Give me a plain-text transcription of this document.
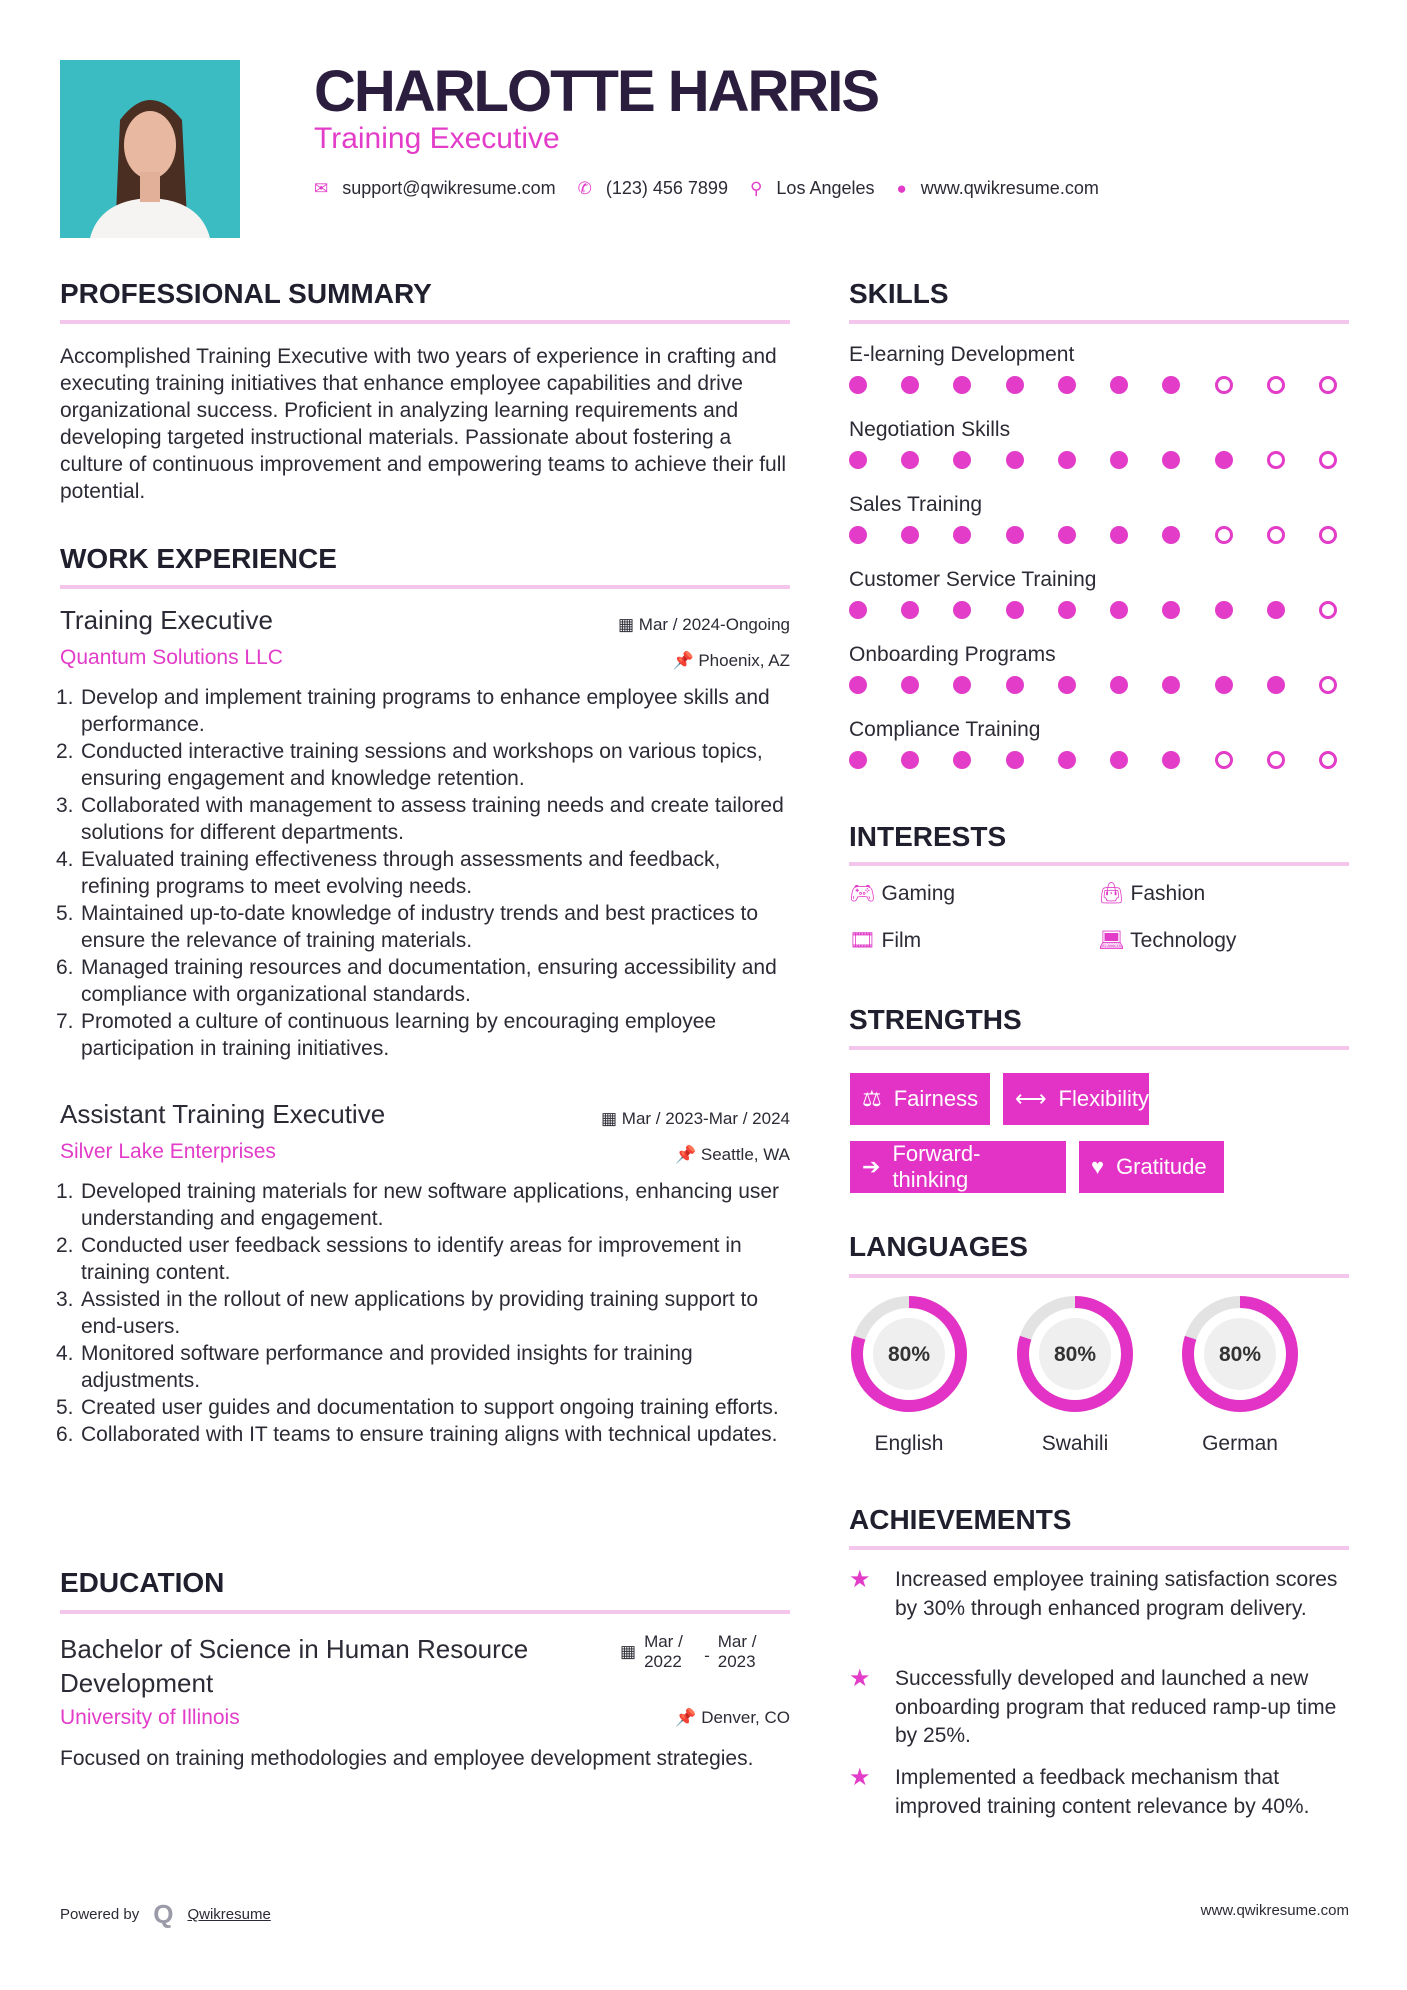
CHARLOTTE HARRIS
Training Executive
✉ support@qwikresume.com ✆ (123) 456 7899 ⚲ Los Angeles ● www.qwikresume.com
PROFESSIONAL SUMMARY
Accomplished Training Executive with two years of experience in crafting and executing training initiatives that enhance employee capabilities and drive organizational success. Proficient in analyzing learning requirements and developing targeted instructional materials. Passionate about fostering a culture of continuous improvement and empowering teams to achieve their full potential.
WORK EXPERIENCE
Training Executive	▦ Mar / 2024-Ongoing
Quantum Solutions LLC	📌 Phoenix, AZ
1. Develop and implement training programs to enhance employee skills and performance.
2. Conducted interactive training sessions and workshops on various topics, ensuring engagement and knowledge retention.
3. Collaborated with management to assess training needs and create tailored solutions for different departments.
4. Evaluated training effectiveness through assessments and feedback, refining programs to meet evolving needs.
5. Maintained up-to-date knowledge of industry trends and best practices to ensure the relevance of training materials.
6. Managed training resources and documentation, ensuring accessibility and compliance with organizational standards.
7. Promoted a culture of continuous learning by encouraging employee participation in training initiatives.
Assistant Training Executive	▦ Mar / 2023-Mar / 2024
Silver Lake Enterprises	📌 Seattle, WA
1. Developed training materials for new software applications, enhancing user understanding and engagement.
2. Conducted user feedback sessions to identify areas for improvement in training content.
3. Assisted in the rollout of new applications by providing training support to end-users.
4. Monitored software performance and provided insights for training adjustments.
5. Created user guides and documentation to support ongoing training efforts.
6. Collaborated with IT teams to ensure training aligns with technical updates.
EDUCATION
Bachelor of Science in Human Resource Development
▦
Mar / 2022	-
Mar / 2023
University of Illinois	📌 Denver, CO
Focused on training methodologies and employee development strategies.
SKILLS
E-learning Development
Negotiation Skills
Sales Training
Customer Service Training
Onboarding Programs
Compliance Training
INTERESTS
🎮︎ Gaming	👜︎ Fashion
🎞︎ Film	💻︎ Technology
STRENGTHS
⚖ Fairness ⟷ Flexibility
➔
Forward-thinking
♥ Gratitude
LANGUAGES
80%
English
80%
Swahili
80%
German
ACHIEVEMENTS
★ Increased employee training satisfaction scores by 30% through enhanced program delivery.
★ Successfully developed and launched a new onboarding program that reduced ramp-up time by 25%.
★ Implemented a feedback mechanism that improved training content relevance by 40%.
Powered by Q Qwikresume	www.qwikresume.com
